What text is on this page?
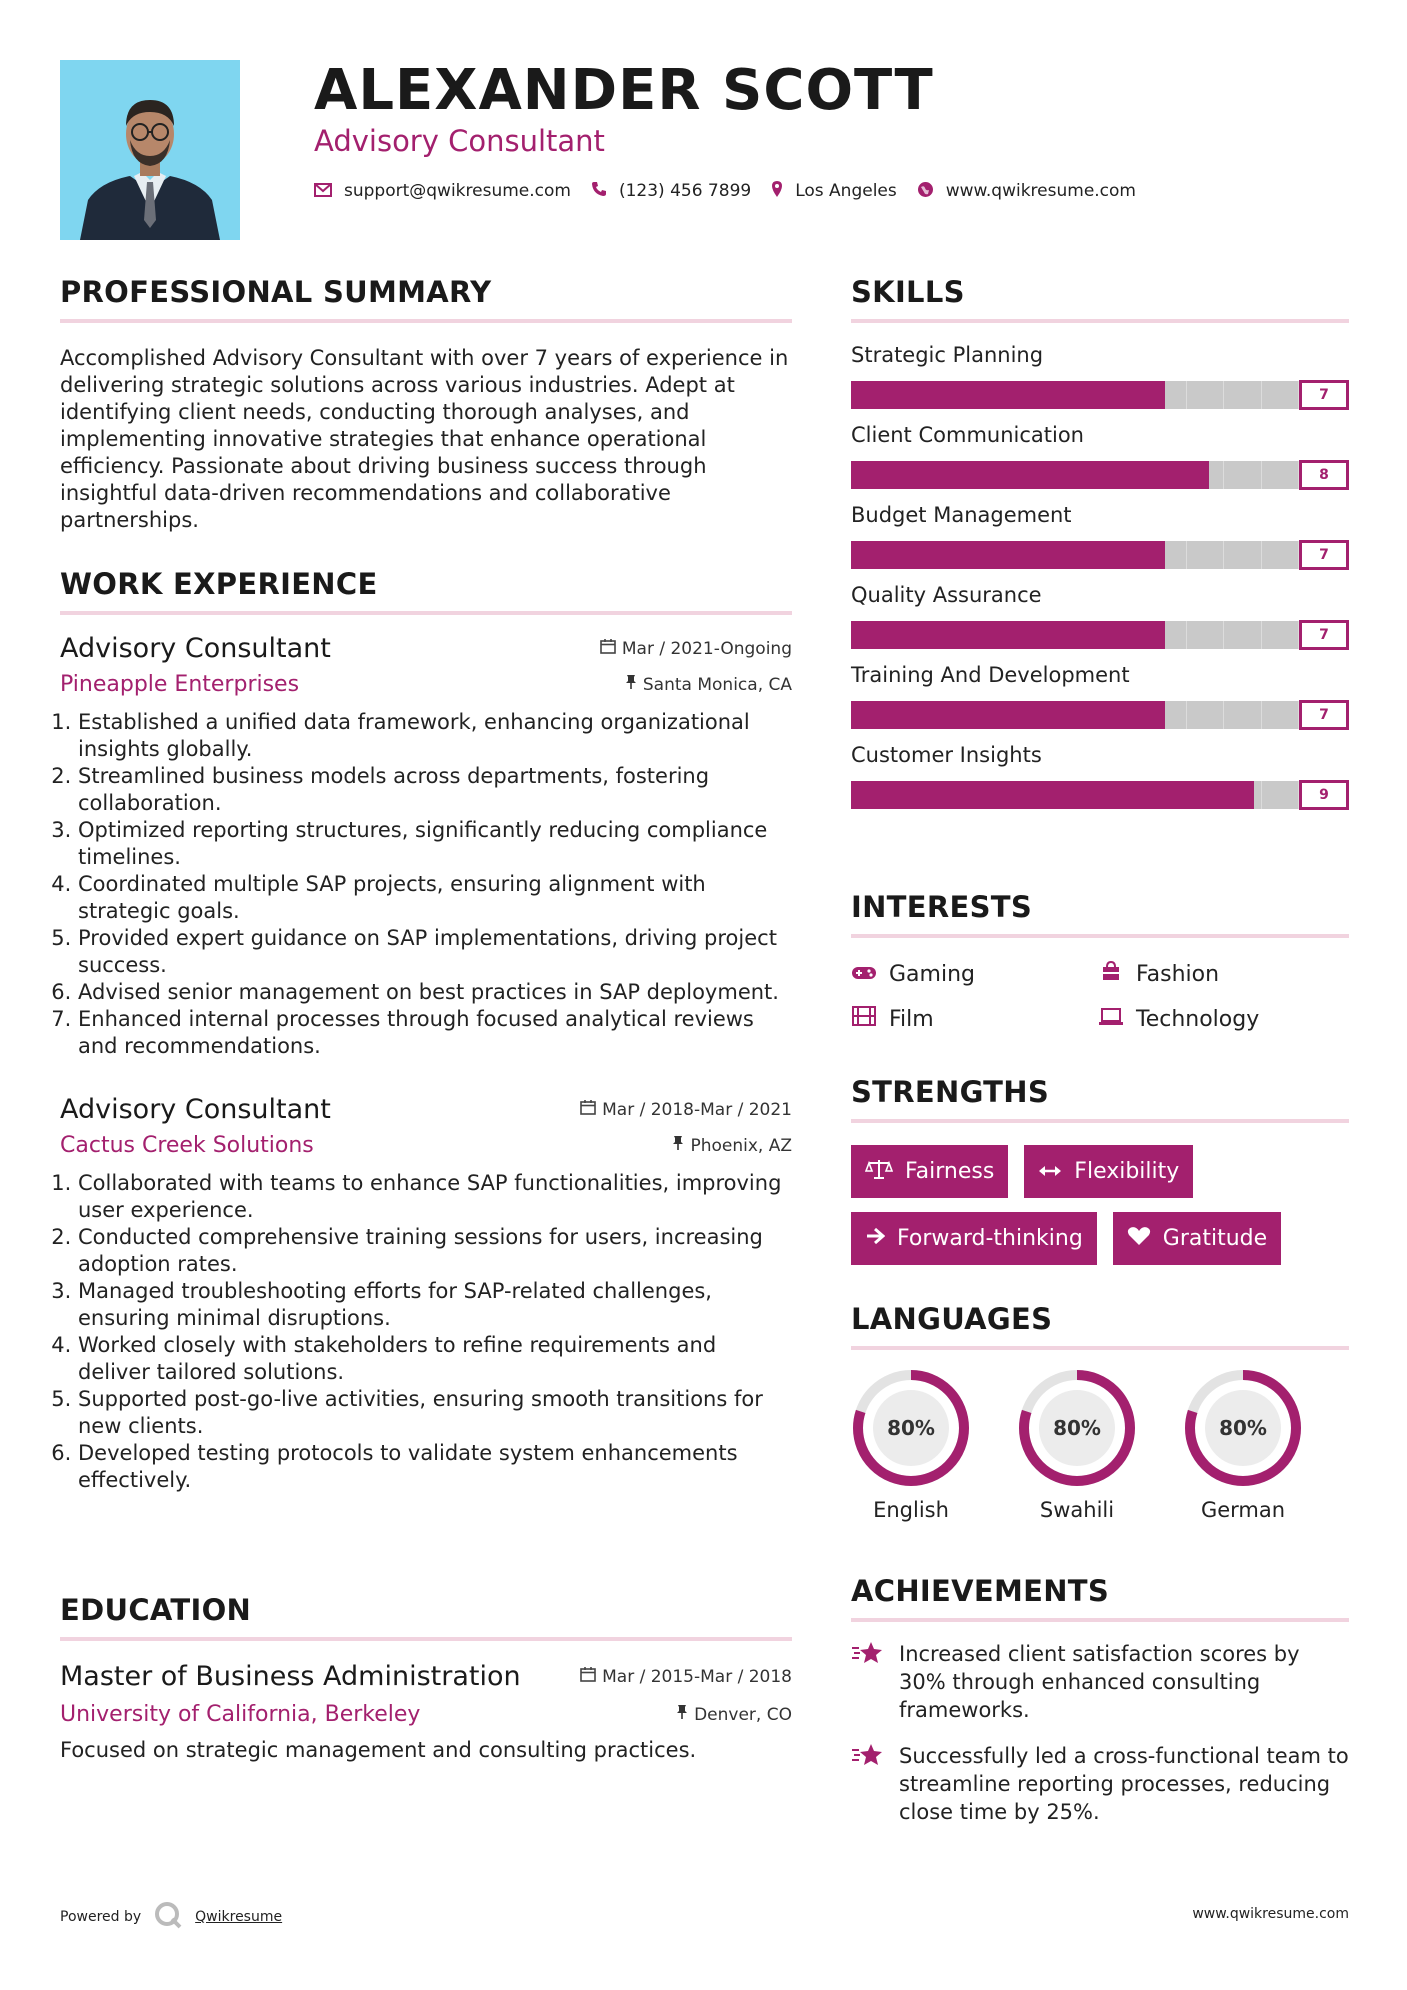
ALEXANDER SCOTT
Advisory Consultant
support@qwikresume.com	(123) 456 7899	Los Angeles	www.qwikresume.com
PROFESSIONAL SUMMARY
Accomplished Advisory Consultant with over 7 years of experience in delivering strategic solutions across various industries. Adept at identifying client needs, conducting thorough analyses, and implementing innovative strategies that enhance operational efficiency. Passionate about driving business success through insightful data-driven recommendations and collaborative partnerships.
WORK EXPERIENCE
Advisory Consultant	Mar / 2021-Ongoing
Pineapple Enterprises	Santa Monica, CA
1. Established a unified data framework, enhancing organizational insights globally.
2. Streamlined business models across departments, fostering collaboration.
3. Optimized reporting structures, significantly reducing compliance timelines.
4. Coordinated multiple SAP projects, ensuring alignment with strategic goals.
5. Provided expert guidance on SAP implementations, driving project success.
6. Advised senior management on best practices in SAP deployment.
7. Enhanced internal processes through focused analytical reviews and recommendations.
Advisory Consultant	Mar / 2018-Mar / 2021
Cactus Creek Solutions	Phoenix, AZ
1. Collaborated with teams to enhance SAP functionalities, improving user experience.
2. Conducted comprehensive training sessions for users, increasing adoption rates.
3. Managed troubleshooting efforts for SAP-related challenges, ensuring minimal disruptions.
4. Worked closely with stakeholders to refine requirements and deliver tailored solutions.
5. Supported post-go-live activities, ensuring smooth transitions for new clients.
6. Developed testing protocols to validate system enhancements effectively.
EDUCATION
Master of Business Administration	Mar / 2015-Mar / 2018
University of California, Berkeley	Denver, CO
Focused on strategic management and consulting practices.
SKILLS
Strategic Planning
7
Client Communication
8
Budget Management
7
Quality Assurance
7
Training And Development
7
Customer Insights
9
INTERESTS
Gaming	Fashion
Film	Technology
STRENGTHS
Fairness	Flexibility
Forward-thinking	Gratitude
LANGUAGES
80%
English
80%
Swahili
80%
German
ACHIEVEMENTS
Increased client satisfaction scores by 30% through enhanced consulting frameworks.
Successfully led a cross-functional team to streamline reporting processes, reducing close time by 25%.
Powered by	Qwikresume	www.qwikresume.com
